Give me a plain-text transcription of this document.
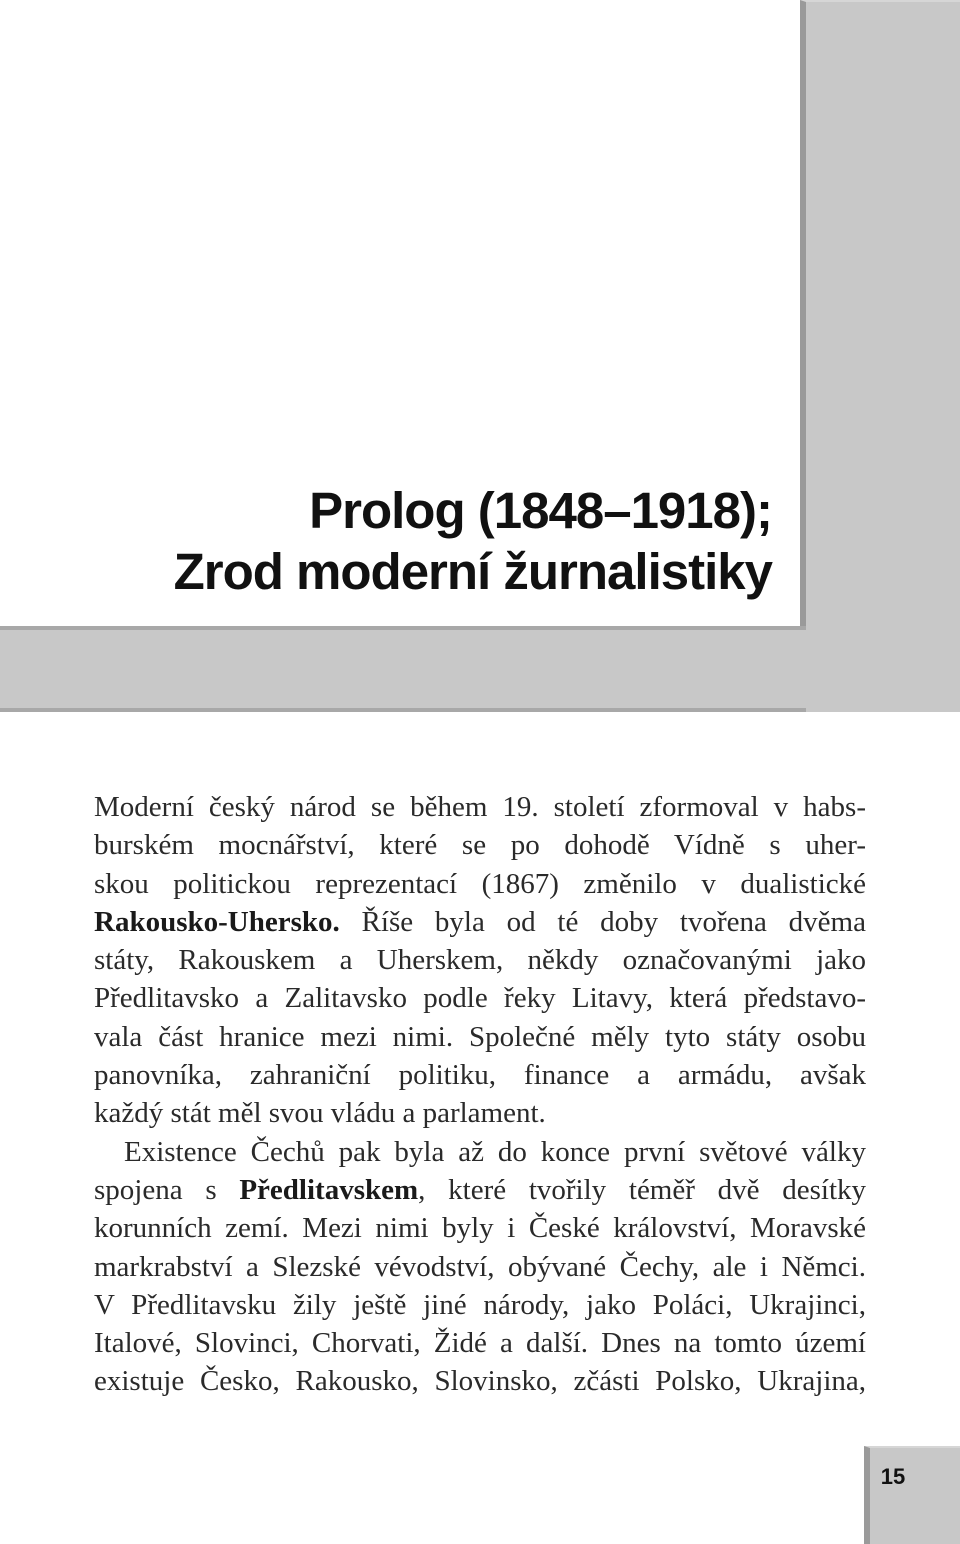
Prolog (1848–1918);
Zrod moderní žurnalistiky

Moderní český národ se během 19. století zformoval v habs-
burském mocnářství, které se po dohodě Vídně s uher-
skou politickou reprezentací (1867) změnilo v dualistické
Rakousko-Uhersko. Říše byla od té doby tvořena dvěma
státy, Rakouskem a Uherskem, někdy označovanými jako
Předlitavsko a Zalitavsko podle řeky Litavy, která představo-
vala část hranice mezi nimi. Společné měly tyto státy osobu
panovníka, zahraniční politiku, finance a armádu, avšak
každý stát měl svou vládu a parlament.

Existence Čechů pak byla až do konce první světové války
spojena s Předlitavskem, které tvořily téměř dvě desítky
korunních zemí. Mezi nimi byly i České království, Moravské
markrabství a Slezské vévodství, obývané Čechy, ale i Němci.
V Předlitavsku žily ještě jiné národy, jako Poláci, Ukrajinci,
Italové, Slovinci, Chorvati, Židé a další. Dnes na tomto území
existuje Česko, Rakousko, Slovinsko, zčásti Polsko, Ukrajina,

15
